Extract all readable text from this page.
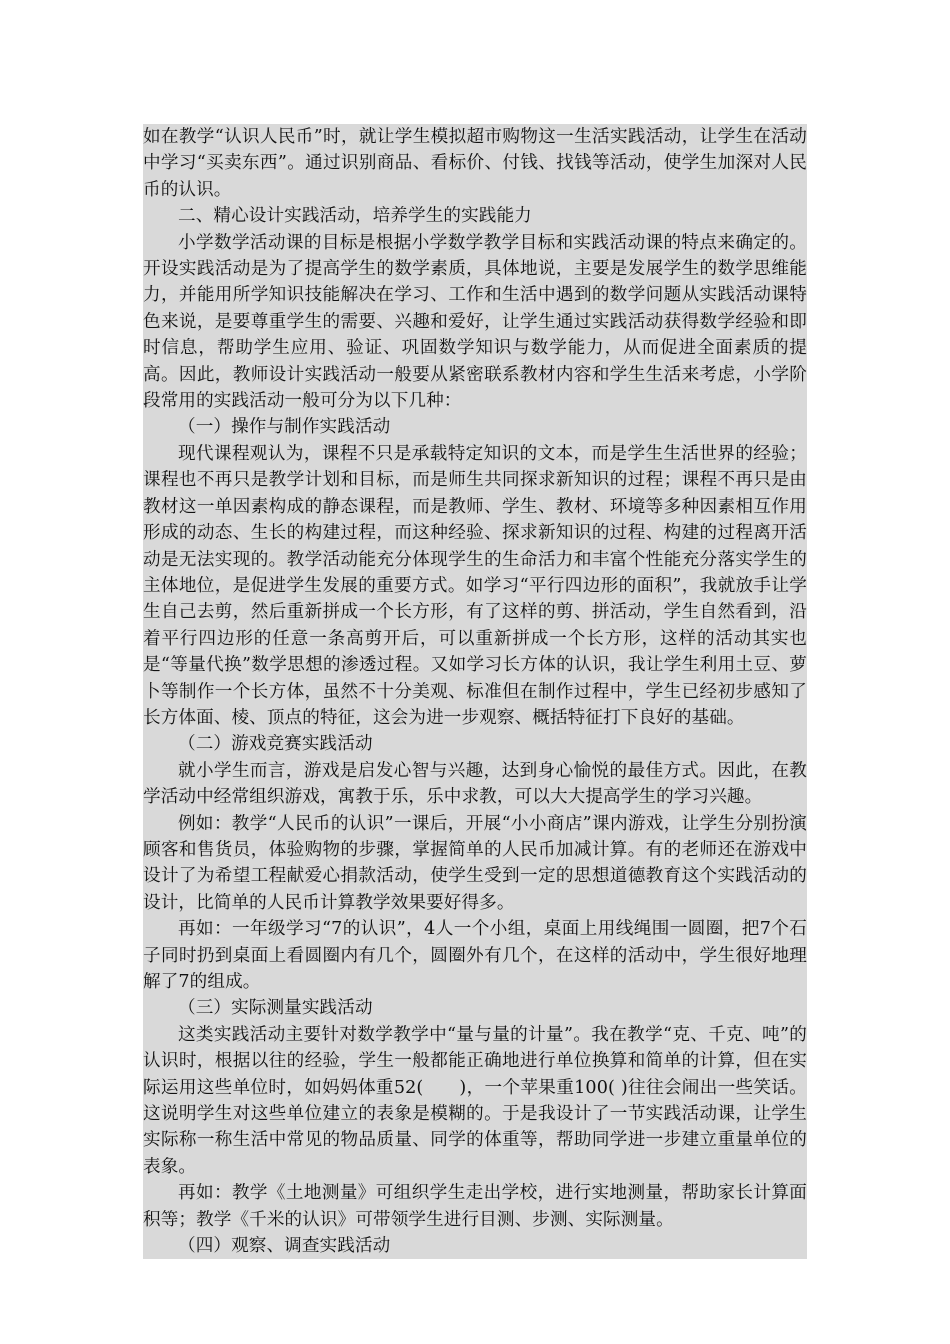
如在教学“认识人民币”时，就让学生模拟超市购物这一生活实践活动，让学生在活动中学习“买卖东西”。通过识别商品、看标价、付钱、找钱等活动，使学生加深对人民币的认识。

二、精心设计实践活动，培养学生的实践能力

小学数学活动课的目标是根据小学数学教学目标和实践活动课的特点来确定的。开设实践活动是为了提高学生的数学素质，具体地说，主要是发展学生的数学思维能力，并能用所学知识技能解决在学习、工作和生活中遇到的数学问题从实践活动课特色来说，是要尊重学生的需要、兴趣和爱好，让学生通过实践活动获得数学经验和即时信息，帮助学生应用、验证、巩固数学知识与数学能力，从而促进全面素质的提高。因此，教师设计实践活动一般要从紧密联系教材内容和学生生活来考虑，小学阶段常用的实践活动一般可分为以下几种：

（一）操作与制作实践活动

现代课程观认为，课程不只是承载特定知识的文本，而是学生生活世界的经验；课程也不再只是教学计划和目标，而是师生共同探求新知识的过程；课程不再只是由教材这一单因素构成的静态课程，而是教师、学生、教材、环境等多种因素相互作用形成的动态、生长的构建过程，而这种经验、探求新知识的过程、构建的过程离开活动是无法实现的。教学活动能充分体现学生的生命活力和丰富个性能充分落实学生的主体地位，是促进学生发展的重要方式。如学习“平行四边形的面积”，我就放手让学生自己去剪，然后重新拼成一个长方形，有了这样的剪、拼活动，学生自然看到，沿着平行四边形的任意一条高剪开后，可以重新拼成一个长方形，这样的活动其实也是“等量代换”数学思想的渗透过程。又如学习长方体的认识，我让学生利用土豆、萝卜等制作一个长方体，虽然不十分美观、标准但在制作过程中，学生已经初步感知了长方体面、棱、顶点的特征，这会为进一步观察、概括特征打下良好的基础。

（二）游戏竞赛实践活动

就小学生而言，游戏是启发心智与兴趣，达到身心愉悦的最佳方式。因此，在教学活动中经常组织游戏，寓教于乐，乐中求教，可以大大提高学生的学习兴趣。

例如：教学“人民币的认识”一课后，开展“小小商店”课内游戏，让学生分别扮演顾客和售货员，体验购物的步骤，掌握简单的人民币加减计算。有的老师还在游戏中设计了为希望工程献爱心捐款活动，使学生受到一定的思想道德教育这个实践活动的设计，比简单的人民币计算教学效果要好得多。

再如：一年级学习“7的认识”，4人一个小组，桌面上用线绳围一圆圈，把7个石子同时扔到桌面上看圆圈内有几个，圆圈外有几个，在这样的活动中，学生很好地理解了7的组成。

（三）实际测量实践活动

这类实践活动主要针对数学教学中“量与量的计量”。我在教学“克、千克、吨”的认识时，根据以往的经验，学生一般都能正确地进行单位换算和简单的计算，但在实际运用这些单位时，如妈妈体重52(　　)，一个苹果重100( )往往会闹出一些笑话。这说明学生对这些单位建立的表象是模糊的。于是我设计了一节实践活动课，让学生实际称一称生活中常见的物品质量、同学的体重等，帮助同学进一步建立重量单位的表象。

再如：教学《土地测量》可组织学生走出学校，进行实地测量，帮助家长计算面积等；教学《千米的认识》可带领学生进行目测、步测、实际测量。

（四）观察、调查实践活动
